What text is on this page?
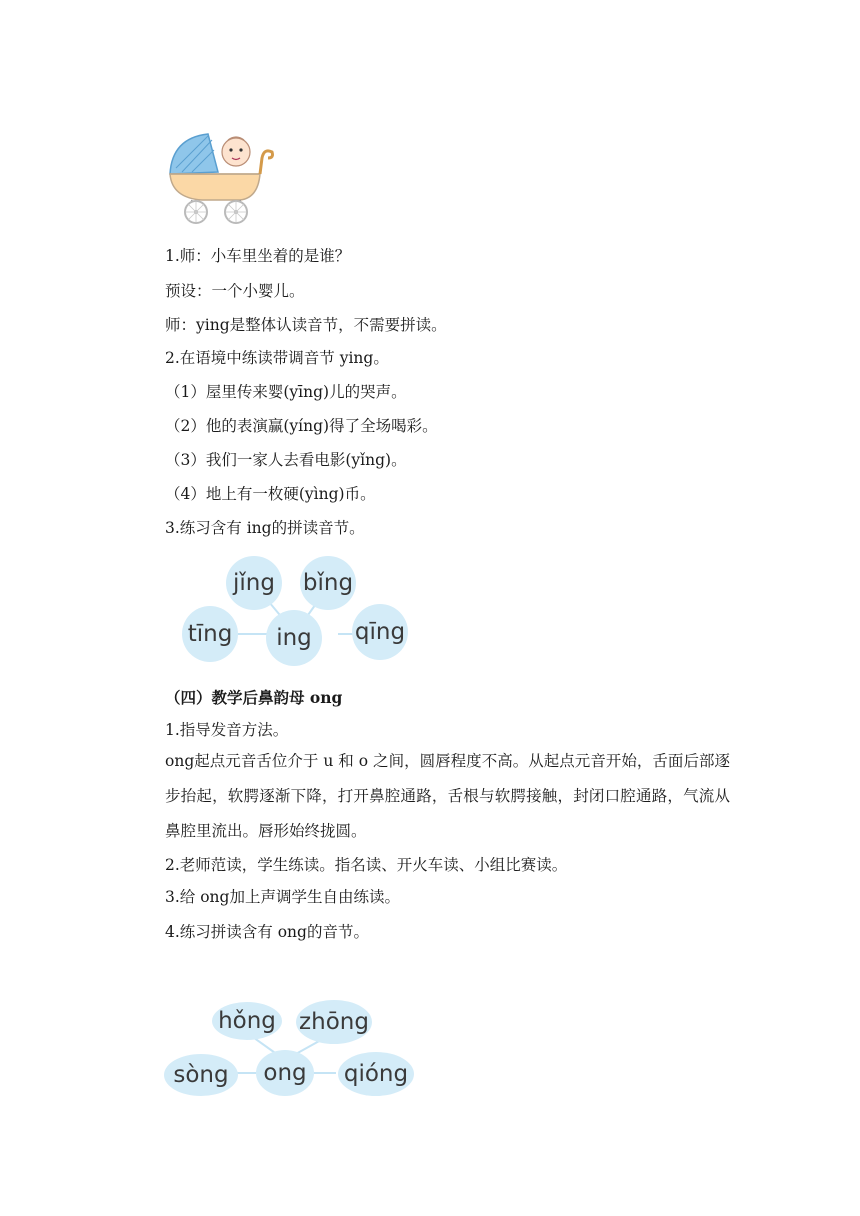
1.师：小车里坐着的是谁？
预设：一个小婴儿。
师：ying是整体认读音节，不需要拼读。
2.在语境中练读带调音节 ying。
（1）屋里传来婴(yīng)儿的哭声。
（2）他的表演赢(yíng)得了全场喝彩。
（3）我们一家人去看电影(yǐng)。
（4）地上有一枚硬(yìng)币。
3.练习含有 ing的拼读音节。
jǐng	bǐng
tīng	ing	qīng
（四）教学后鼻韵母 ong
1.指导发音方法。
ong起点元音舌位介于 u 和 o 之间，圆唇程度不高。从起点元音开始，舌面后部逐步抬起，软腭逐渐下降，打开鼻腔通路，舌根与软腭接触，封闭口腔通路，气流从鼻腔里流出。唇形始终拢圆。
2.老师范读，学生练读。指名读、开火车读、小组比赛读。
3.给 ong加上声调学生自由练读。
4.练习拼读含有 ong的音节。
hǒng zhōng
sòng	ong	qióng
